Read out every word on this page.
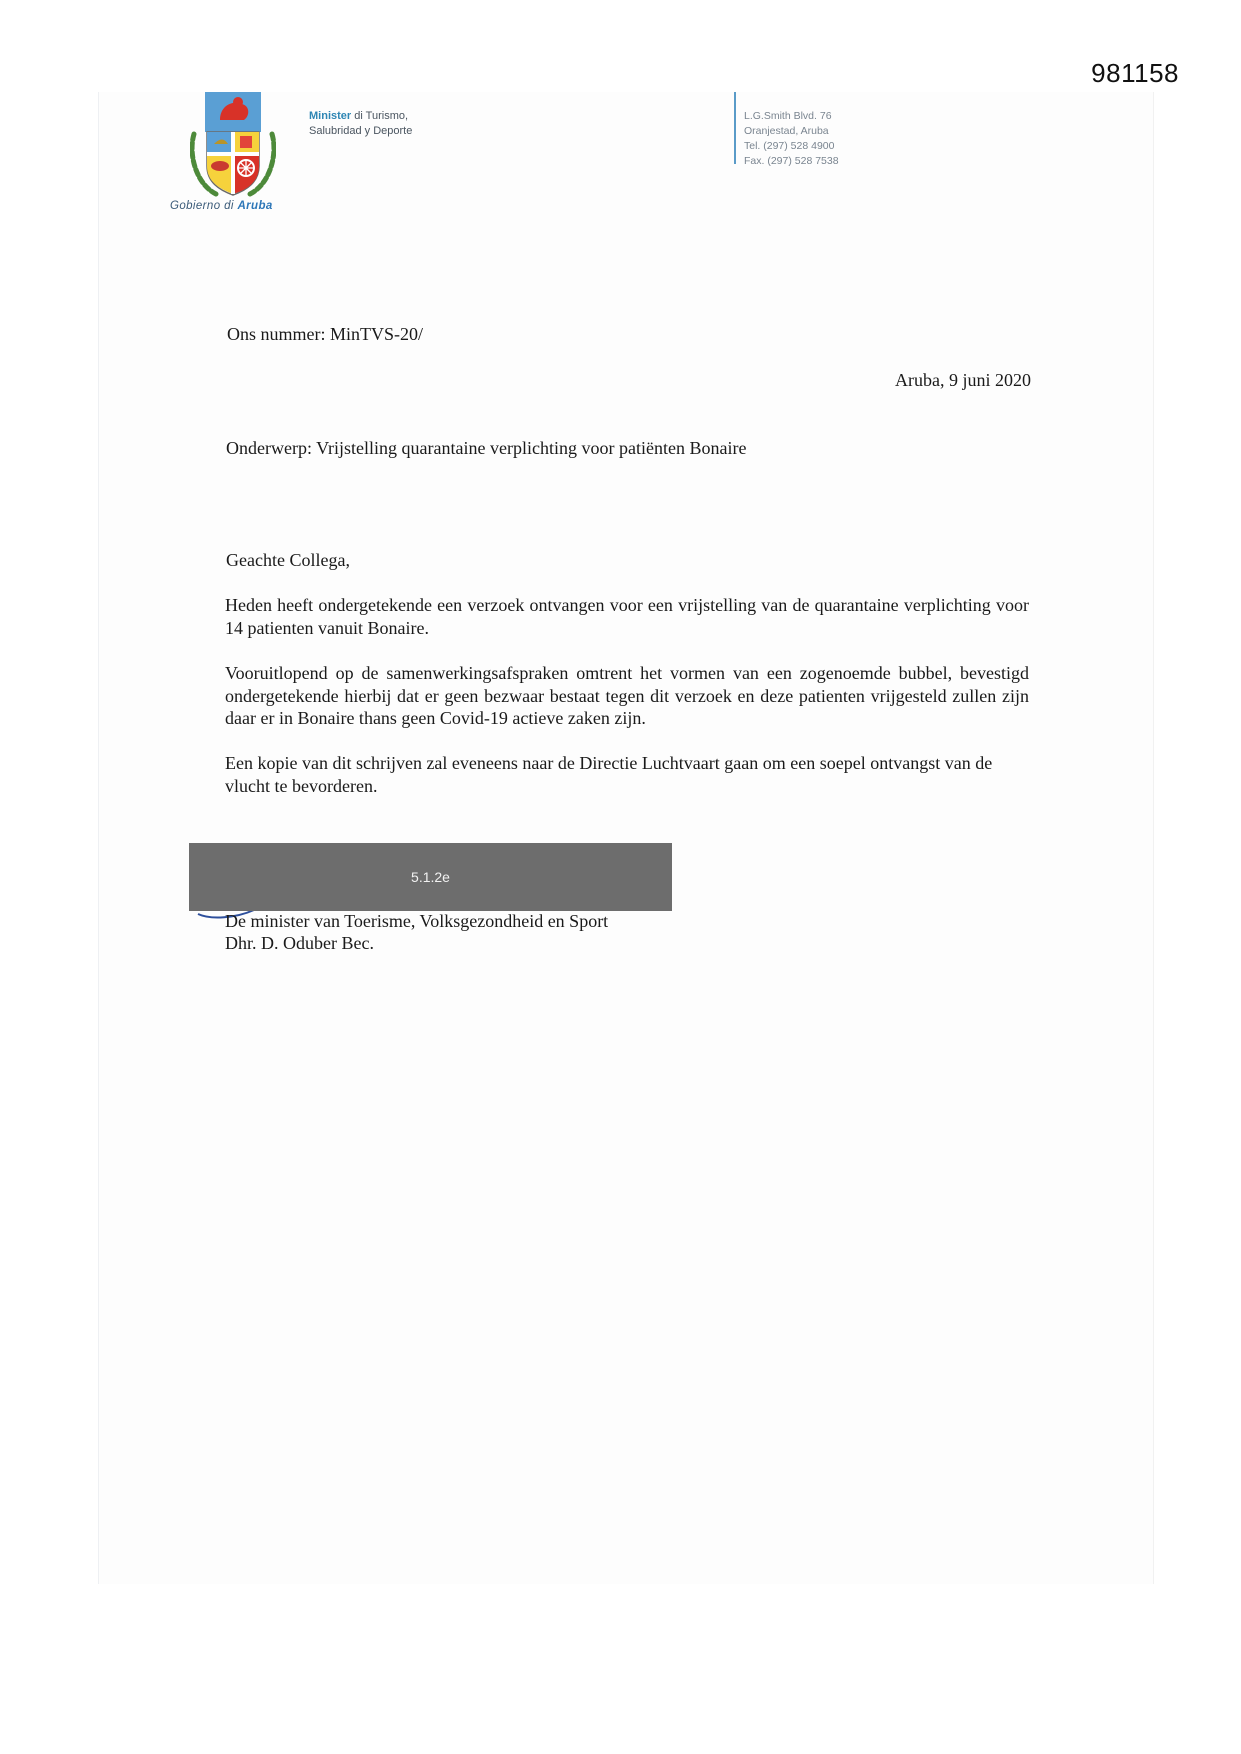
981158
Gobierno di Aruba
Minister di Turismo,
Salubridad y Deporte
L.G.Smith Blvd. 76
Oranjestad, Aruba
Tel. (297) 528 4900
Fax. (297) 528 7538
Ons nummer: MinTVS-20/
Aruba, 9 juni 2020
Onderwerp: Vrijstelling quarantaine verplichting voor patiënten Bonaire
Geachte Collega,
Heden heeft ondergetekende een verzoek ontvangen voor een vrijstelling van de quarantaine verplichting voor 14 patienten vanuit Bonaire.
Vooruitlopend op de samenwerkingsafspraken omtrent het vormen van een zogenoemde bubbel, bevestigd ondergetekende hierbij dat er geen bezwaar bestaat tegen dit verzoek en deze patienten vrijgesteld zullen zijn daar er in Bonaire thans geen Covid-19 actieve zaken zijn.
Een kopie van dit schrijven zal eveneens naar de Directie Luchtvaart gaan om een soepel ontvangst van de vlucht te bevorderen.
5.1.2e
De minister van Toerisme, Volksgezondheid en Sport
Dhr. D. Oduber Bec.
